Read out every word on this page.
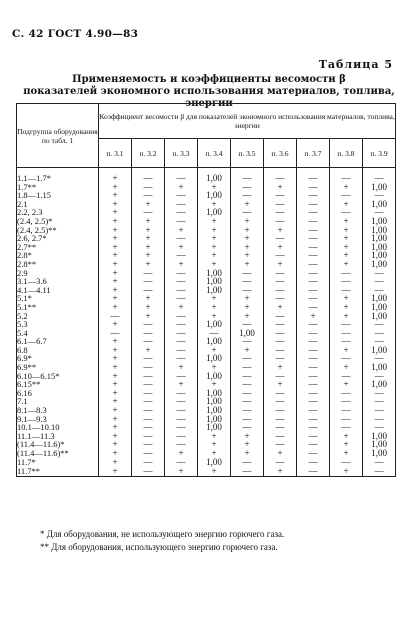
С. 42 ГОСТ 4.90—83
Таблица 5
Применяемость и коэффициенты весомости β
показателей экономного использования материалов, топлива, энергии
Подгруппа оборудования по табл. 1	Коэффициент весомости β для показателей экономного использования материалов, топлива, энергии								
	п. 3.1	п. 3.2	п. 3.3	п. 3.4	п. 3.5	п. 3.6	п. 3.7	п. 3.8	п. 3.9

1.1—1.7*	+	—	—	1,00	—	—	—	—	—
1.7**	+	—	+	+	—	+	—	+	1,00
1.8—1.15	+	—	—	1,00	—	—	—	—	—
2.1	+	+	—	+	+	—	—	+	1,00
2.2, 2.3	+	—	—	1,00	—	—	—	—	—
(2.4, 2.5)*	+	+	—	+	+	—	—	+	1,00
(2.4, 2.5)**	+	+	+	+	+	+	—	+	1,00
2.6, 2.7*	+	+	—	+	+	—	—	+	1,00
2.7**	+	+	+	+	+	+	—	+	1,00
2.8*	+	+	—	+	+	—	—	+	1,00
2.8**	+	+	+	+	+	+	—	+	1,00
2.9	+	—	—	1,00	—	—	—	—	—
3.1—3.6	+	—	—	1,00	—	—	—	—	—
4.1—4.11	+	—	—	1,00	—	—	—	—	—
5.1*	+	+	—	+	+	—	—	+	1,00
5.1**	+	+	+	+	+	+	—	+	1,00
5.2	—	+	—	+	+	—	+	+	1,00
5.3	+	—	—	1,00	—	—	—	—	—
5.4	—	—	—	—	1,00	—	—	—	—
6.1—6.7	+	—	—	1,00	—	—	—	—	—
6.8	+	+	—	+	+	—	—	+	1,00
6.9*	+	—	—	1,00	—	—	—	—	—
6.9**	+	—	+	+	—	+	—	+	1,00
6.10—6.15*	+	—	—	1,00	—	—	—	—	—
6.15**	+	—	+	+	—	+	—	+	1,00
6.16	+	—	—	1,00	—	—	—	—	—
7.1	+	—	—	1,00	—	—	—	—	—
8.1—8.3	+	—	—	1,00	—	—	—	—	—
9.1—9.3	+	—	—	1,00	—	—	—	—	—
10.1—10.10	+	—	—	1,00	—	—	—	—	—
11.1—11.3	+	—	—	+	+	—	—	+	1,00
(11.4—11.6)*	+	—	—	+	+	—	—	+	1,00
(11.4—11.6)**	+	—	+	+	+	+	—	+	1,00
11.7*	+	—	—	1,00	—	—	—	—	—
11.7**	+	—	+	+	—	+	—	+	—
* Для оборудования, не использующего энергию горючего газа.
** Для оборудования, использующего энергию горючего газа.
